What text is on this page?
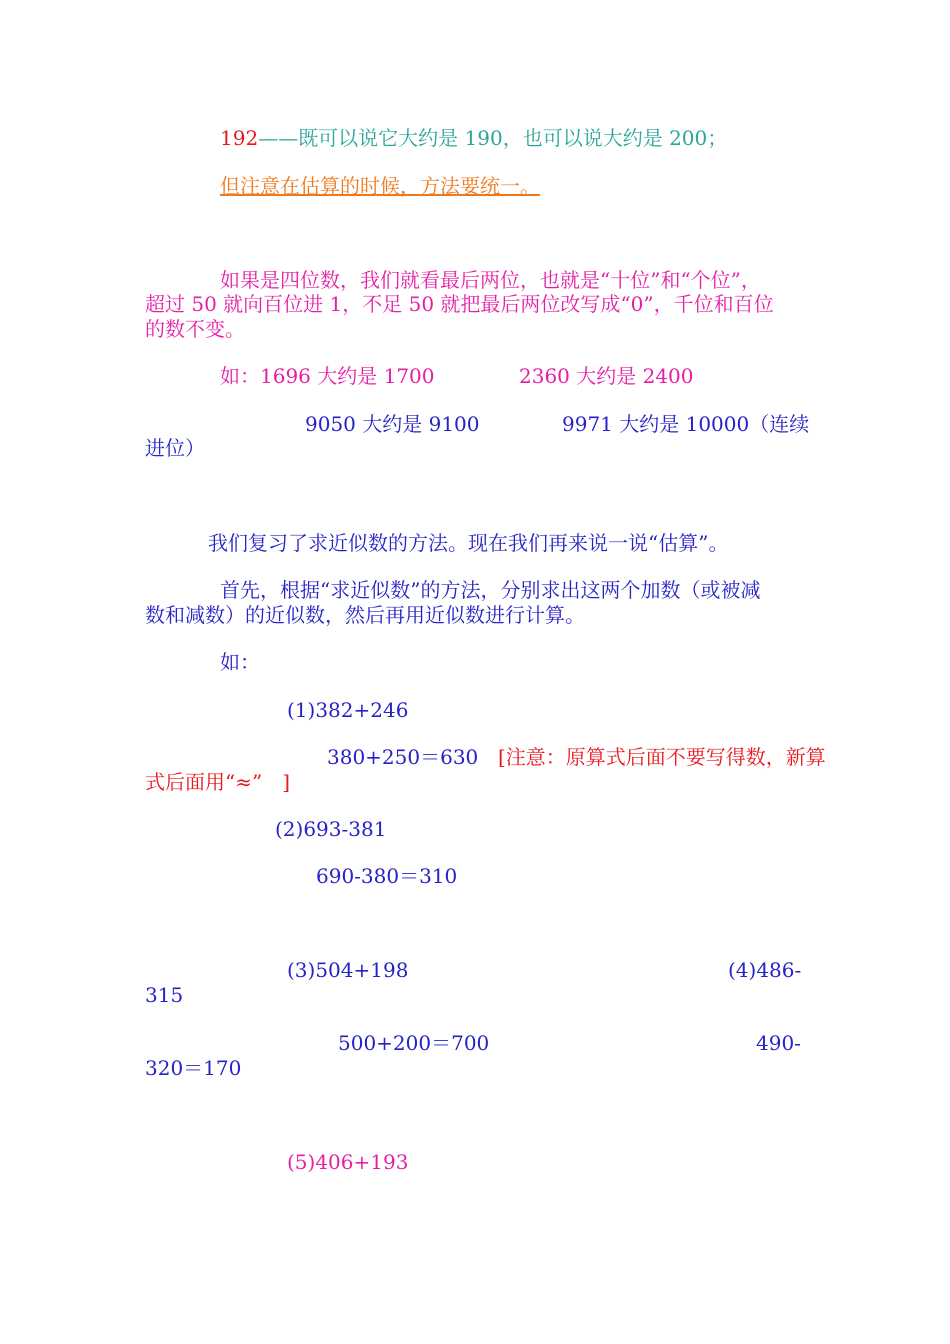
192——既可以说它大约是 190，也可以说大约是 200；
但注意在估算的时候，方法要统一。
如果是四位数，我们就看最后两位，也就是“十位”和“个位”，
超过 50 就向百位进 1，不足 50 就把最后两位改写成“0”，千位和百位
的数不变。
如：1696 大约是 1700	2360 大约是 2400
9050 大约是 9100	9971 大约是 10000（连续
进位）
我们复习了求近似数的方法。现在我们再来说一说“估算”。
首先，根据“求近似数”的方法，分别求出这两个加数（或被减
数和减数）的近似数，然后再用近似数进行计算。
如：
(1)382+246
380+250＝630 [注意：原算式后面不要写得数，新算
式后面用“≈”　]
(2)693-381
690-380＝310
(3)504+198	(4)486-
315
500+200＝700	490-
320＝170
(5)406+193
